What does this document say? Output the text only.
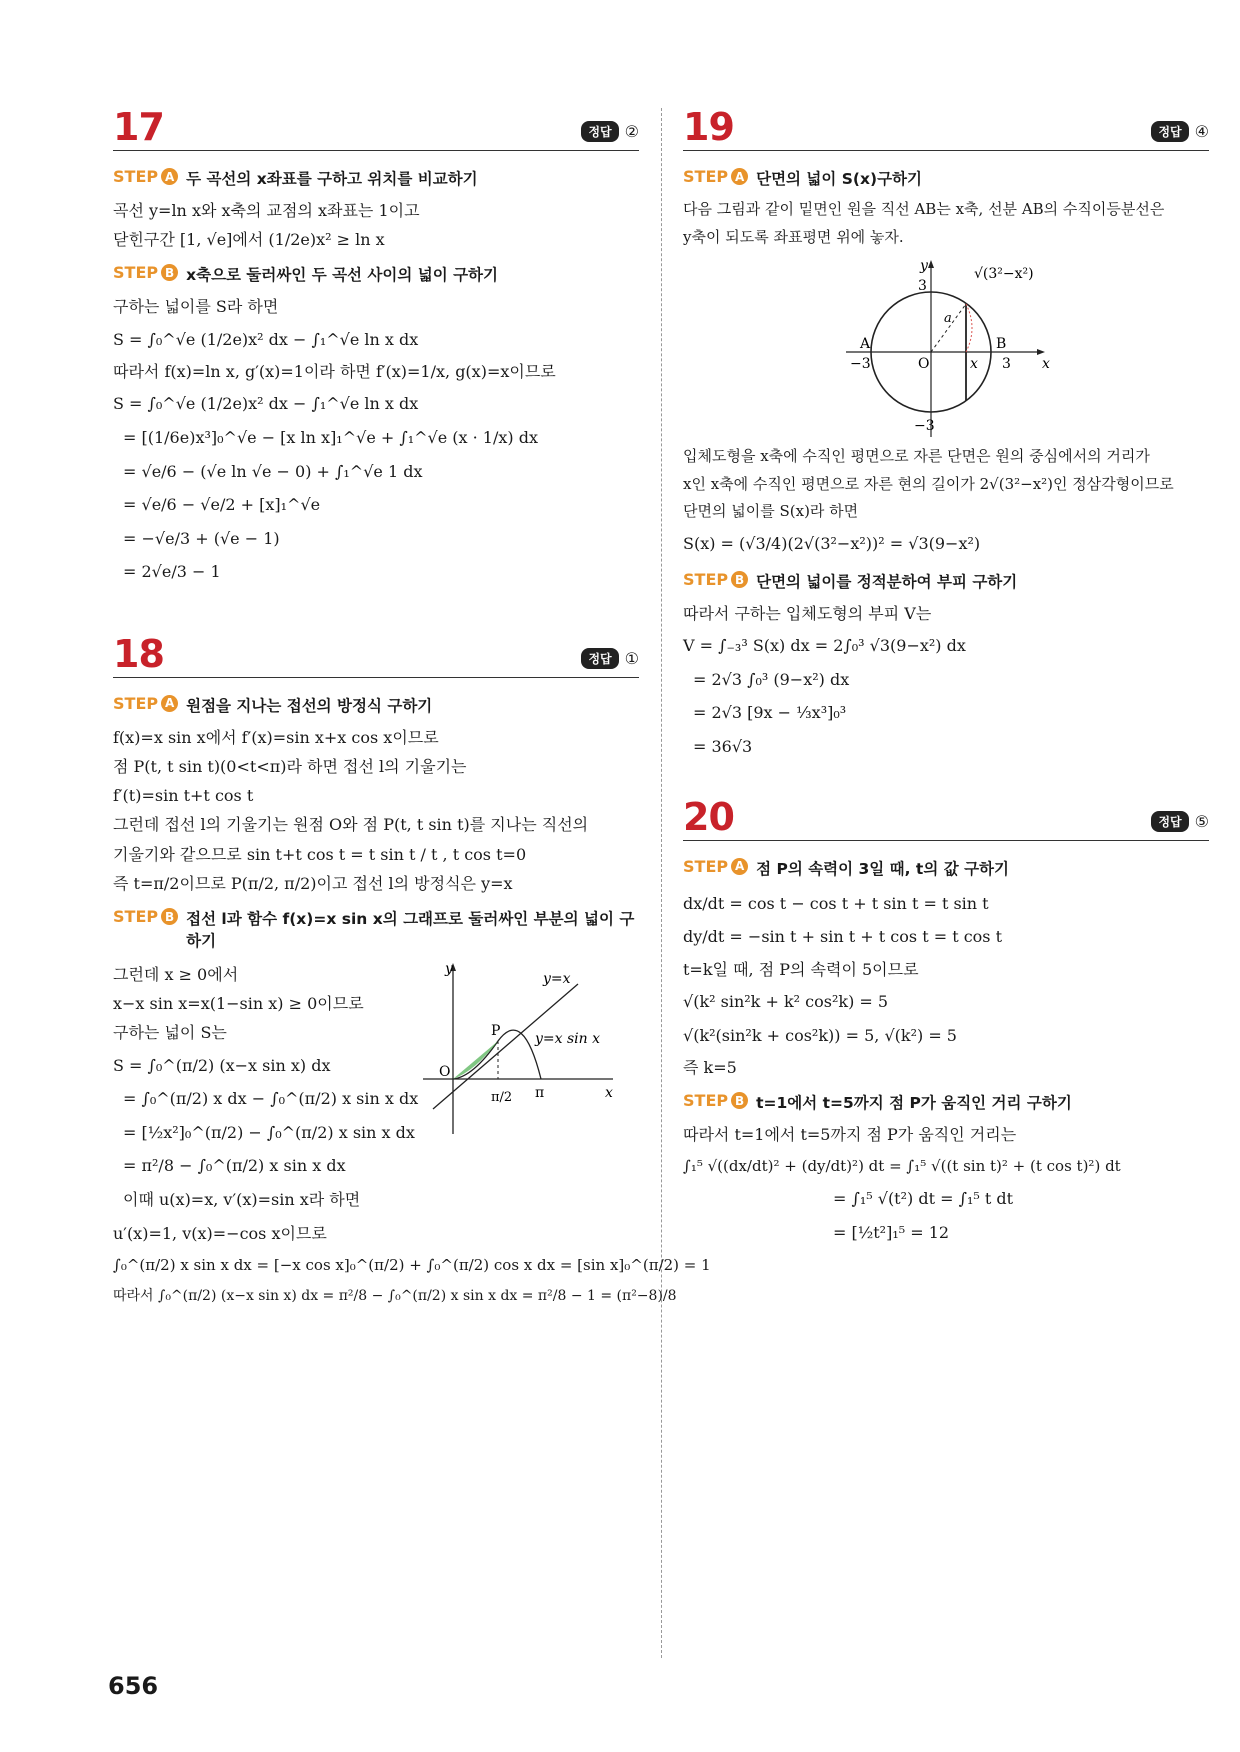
17	정답 ②
STEP A 두 곡선의 x좌표를 구하고 위치를 비교하기
곡선 y=ln x와 x축의 교점의 x좌표는 1이고
닫힌구간 [1, √e]에서 (1/2e)x² ≥ ln x
STEP B x축으로 둘러싸인 두 곡선 사이의 넓이 구하기
구하는 넓이를 S라 하면
S = ∫₀^√e (1/2e)x² dx − ∫₁^√e ln x dx
따라서 f(x)=ln x, g′(x)=1이라 하면 f′(x)=1/x, g(x)=x이므로
S = ∫₀^√e (1/2e)x² dx − ∫₁^√e ln x dx
= [(1/6e)x³]₀^√e − [x ln x]₁^√e + ∫₁^√e (x · 1/x) dx
= √e/6 − (√e ln √e − 0) + ∫₁^√e 1 dx
= √e/6 − √e/2 + [x]₁^√e
= −√e/3 + (√e − 1)
= 2√e/3 − 1
18	정답 ①
STEP A 원점을 지나는 접선의 방정식 구하기
f(x)=x sin x에서 f′(x)=sin x+x cos x이므로
점 P(t, t sin t)(0<t<π)라 하면 접선 l의 기울기는
f′(t)=sin t+t cos t
그런데 접선 l의 기울기는 원점 O와 점 P(t, t sin t)를 지나는 직선의
기울기와 같으므로 sin t+t cos t = t sin t / t , t cos t=0
즉 t=π/2이므로 P(π/2, π/2)이고 접선 l의 방정식은 y=x
STEP B 접선 l과 함수 f(x)=x sin x의 그래프로 둘러싸인 부분의 넓이 구하기
그런데 x ≥ 0에서
x−x sin x=x(1−sin x) ≥ 0이므로
구하는 넓이 S는
S = ∫₀^(π/2) (x−x sin x) dx
= ∫₀^(π/2) x dx − ∫₀^(π/2) x sin x dx
= [½x²]₀^(π/2) − ∫₀^(π/2) x sin x dx
= π²/8 − ∫₀^(π/2) x sin x dx
y
x
O
P
y=x
y=x sin x
π/2 π
이때 u(x)=x, v′(x)=sin x라 하면
u′(x)=1, v(x)=−cos x이므로
∫₀^(π/2) x sin x dx = [−x cos x]₀^(π/2) + ∫₀^(π/2) cos x dx = [sin x]₀^(π/2) = 1
따라서 ∫₀^(π/2) (x−x sin x) dx = π²/8 − ∫₀^(π/2) x sin x dx = π²/8 − 1 = (π²−8)/8
19	정답 ④
STEP A 단면의 넓이 S(x)구하기
다음 그림과 같이 밑면인 원을 직선 AB는 x축, 선분 AB의 수직이등분선은
y축이 되도록 좌표평면 위에 놓자.
y
x
3
−3
−3	3
A	B
O	x
a
√(3²−x²)
입체도형을 x축에 수직인 평면으로 자른 단면은 원의 중심에서의 거리가
x인 x축에 수직인 평면으로 자른 현의 길이가 2√(3²−x²)인 정삼각형이므로
단면의 넓이를 S(x)라 하면
S(x) = (√3/4)(2√(3²−x²))² = √3(9−x²)
STEP B 단면의 넓이를 정적분하여 부피 구하기
따라서 구하는 입체도형의 부피 V는
V = ∫₋₃³ S(x) dx = 2∫₀³ √3(9−x²) dx
= 2√3 ∫₀³ (9−x²) dx
= 2√3 [9x − ⅓x³]₀³
= 36√3
20	정답 ⑤
STEP A 점 P의 속력이 3일 때, t의 값 구하기
dx/dt = cos t − cos t + t sin t = t sin t
dy/dt = −sin t + sin t + t cos t = t cos t
t=k일 때, 점 P의 속력이 5이므로
√(k² sin²k + k² cos²k) = 5
√(k²(sin²k + cos²k)) = 5, √(k²) = 5
즉 k=5
STEP B t=1에서 t=5까지 점 P가 움직인 거리 구하기
따라서 t=1에서 t=5까지 점 P가 움직인 거리는
∫₁⁵ √((dx/dt)² + (dy/dt)²) dt = ∫₁⁵ √((t sin t)² + (t cos t)²) dt
= ∫₁⁵ √(t²) dt = ∫₁⁵ t dt
= [½t²]₁⁵ = 12
656
